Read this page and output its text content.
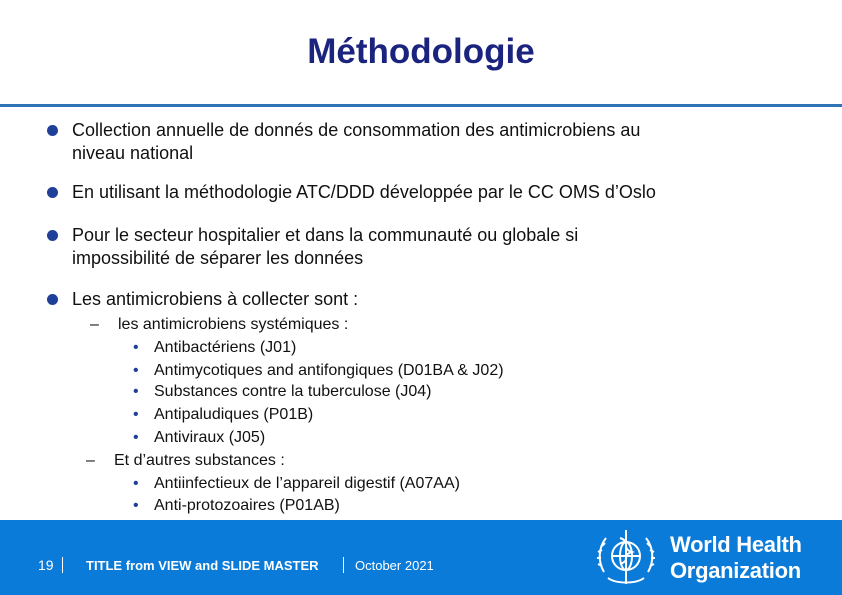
Méthodologie
Collection annuelle de donnés de consommation des antimicrobiens au
niveau national
En utilisant la méthodologie ATC/DDD développée par le CC OMS d’Oslo
Pour le secteur hospitalier et dans la communauté ou globale si
impossibilité de séparer les données
Les antimicrobiens à collecter sont :
– les antimicrobiens systémiques :
• Antibactériens (J01)
• Antimycotiques and antifongiques (D01BA & J02)
• Substances contre la tuberculose (J04)
• Antipaludiques (P01B)
• Antiviraux (J05)
– Et d’autres substances :
• Antiinfectieux de l’appareil digestif (A07AA)
• Anti-protozoaires (P01AB)
19 TITLE from VIEW and SLIDE MASTER	October 2021
World Health
Organization
